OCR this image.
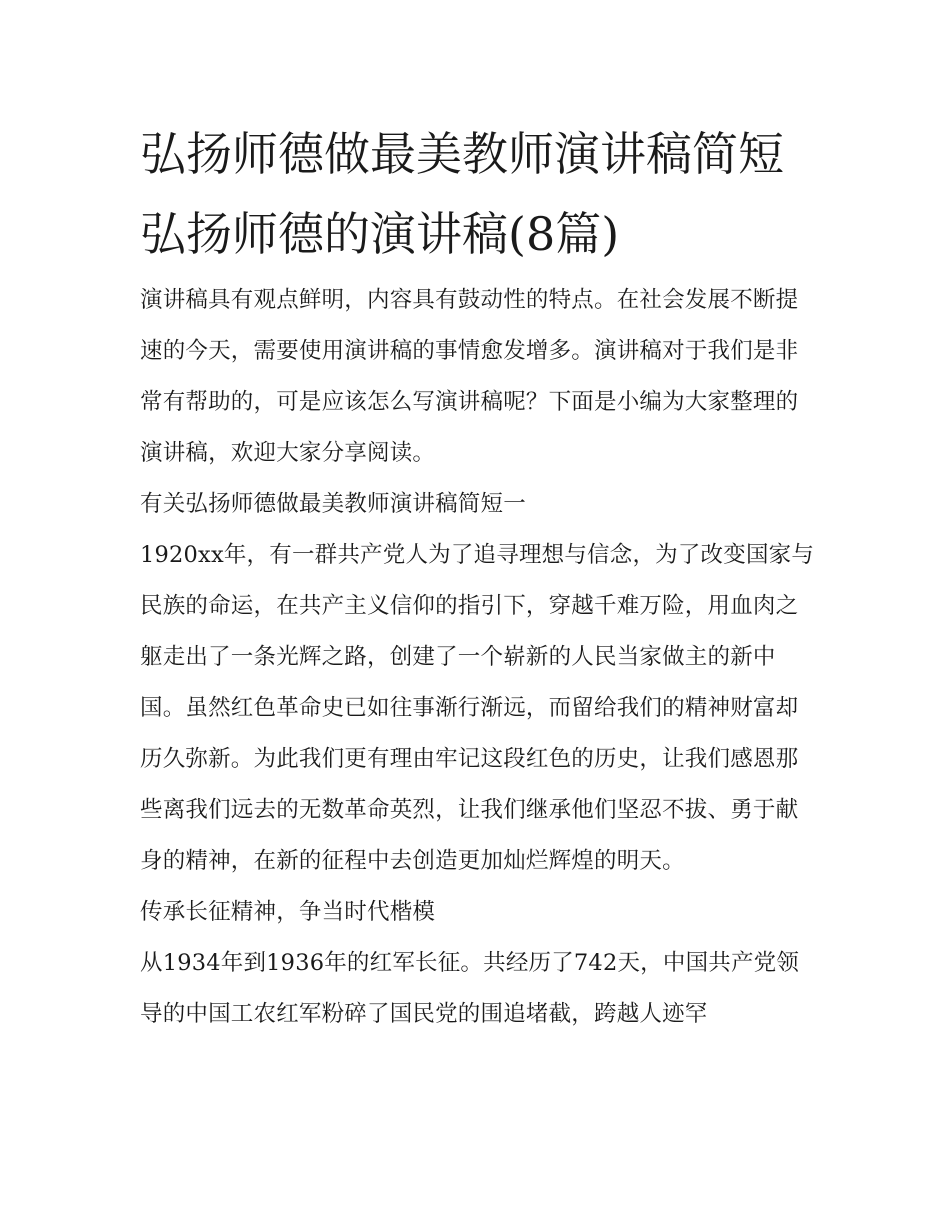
弘扬师德做最美教师演讲稿简短 弘扬师德的演讲稿(8篇)

演讲稿具有观点鲜明，内容具有鼓动性的特点。在社会发展不断提速的今天，需要使用演讲稿的事情愈发增多。演讲稿对于我们是非常有帮助的，可是应该怎么写演讲稿呢？下面是小编为大家整理的演讲稿，欢迎大家分享阅读。

有关弘扬师德做最美教师演讲稿简短一

1920xx年，有一群共产党人为了追寻理想与信念，为了改变国家与民族的命运，在共产主义信仰的指引下，穿越千难万险，用血肉之躯走出了一条光辉之路，创建了一个崭新的人民当家做主的新中国。虽然红色革命史已如往事渐行渐远，而留给我们的精神财富却历久弥新。为此我们更有理由牢记这段红色的历史，让我们感恩那些离我们远去的无数革命英烈，让我们继承他们坚忍不拔、勇于献身的精神，在新的征程中去创造更加灿烂辉煌的明天。

传承长征精神，争当时代楷模

从1934年到1936年的红军长征。共经历了742天，中国共产党领导的中国工农红军粉碎了国民党的围追堵截，跨越人迹罕
